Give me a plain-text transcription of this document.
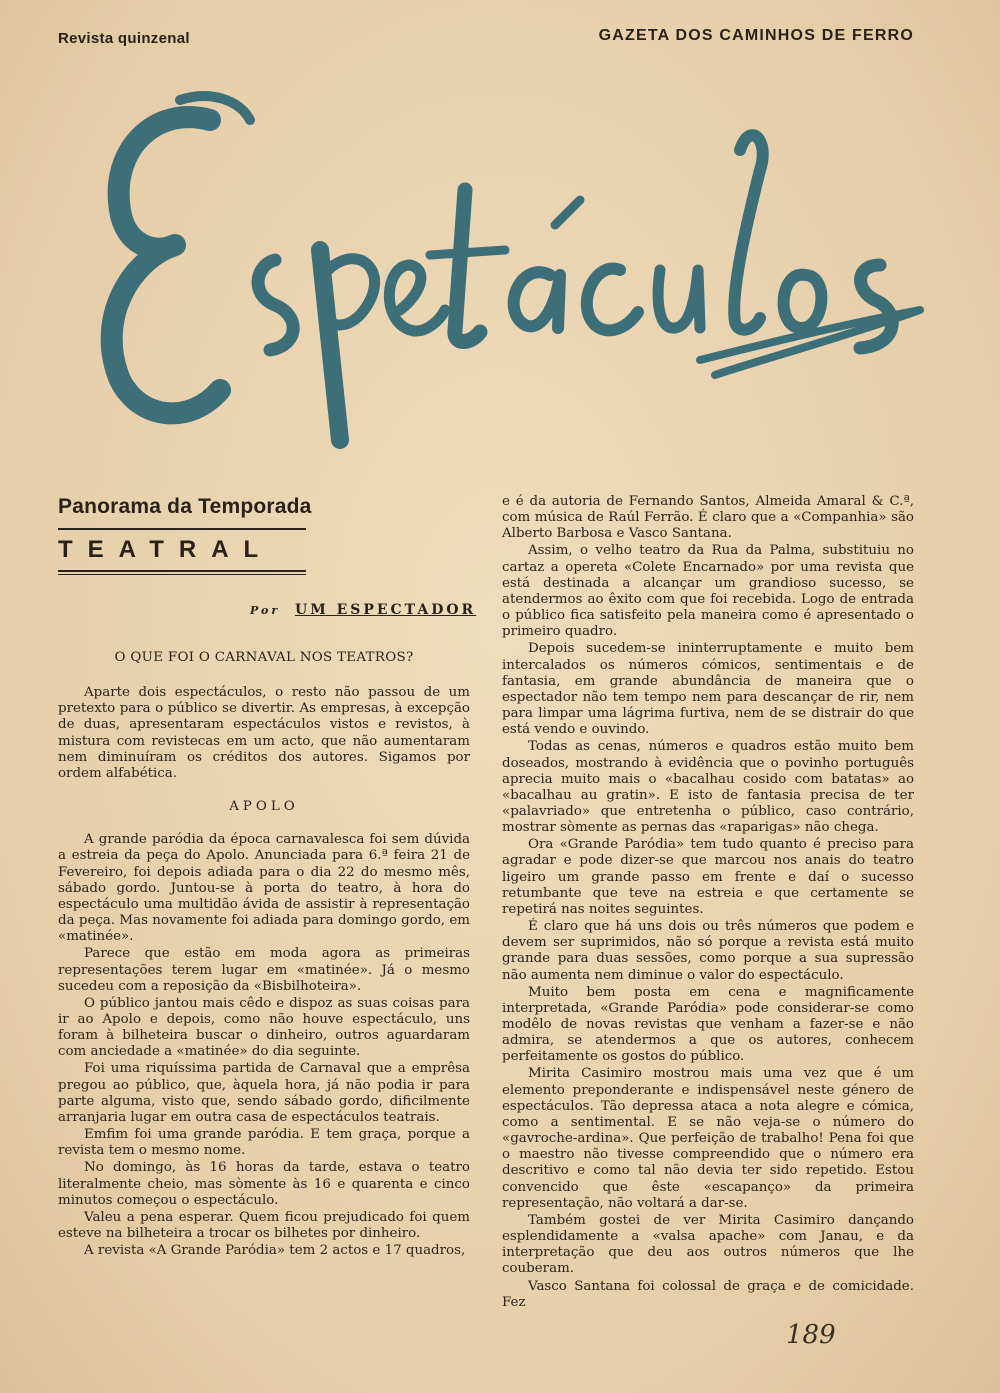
Revista quinzenal	GAZETA DOS CAMINHOS DE FERRO
Panorama da Temporada
TEATRAL
Por UM ESPECTADOR

O QUE FOI O CARNAVAL NOS TEATROS?

Aparte dois espectáculos, o resto não passou de um pretexto para o público se divertir. As empresas, à excepção de duas, apresentaram espectáculos vistos e revistos, à mistura com revistecas em um acto, que não aumentaram nem diminuíram os créditos dos autores. Sigamos por ordem alfabética.

APOLO

A grande paródia da época carnavalesca foi sem dúvida a estreia da peça do Apolo. Anunciada para 6.ª feira 21 de Fevereiro, foi depois adiada para o dia 22 do mesmo mês, sábado gordo. Juntou-se à porta do teatro, à hora do espectáculo uma multidão ávida de assistir à representação da peça. Mas novamente foi adiada para domingo gordo, em «matinée».

Parece que estão em moda agora as primeiras representações terem lugar em «matinée». Já o mesmo sucedeu com a reposição da «Bisbilhoteira».

O público jantou mais cêdo e dispoz as suas coisas para ir ao Apolo e depois, como não houve espectáculo, uns foram à bilheteira buscar o dinheiro, outros aguardaram com anciedade a «matinée» do dia seguinte.

Foi uma riquíssima partida de Carnaval que a emprêsa pregou ao público, que, àquela hora, já não podia ir para parte alguma, visto que, sendo sábado gordo, dificilmente arranjaria lugar em outra casa de espectáculos teatrais.

Emfim foi uma grande paródia. E tem graça, porque a revista tem o mesmo nome.

No domingo, às 16 horas da tarde, estava o teatro literalmente cheio, mas sòmente às 16 e quarenta e cinco minutos começou o espectáculo.

Valeu a pena esperar. Quem ficou prejudicado foi quem esteve na bilheteira a trocar os bilhetes por dinheiro.

A revista «A Grande Paródia» tem 2 actos e 17 quadros,

e é da autoria de Fernando Santos, Almeida Amaral & C.ª, com música de Raúl Ferrão. É claro que a «Companhia» são Alberto Barbosa e Vasco Santana.

Assim, o velho teatro da Rua da Palma, substituiu no cartaz a opereta «Colete Encarnado» por uma revista que está destinada a alcançar um grandioso sucesso, se atendermos ao êxito com que foi recebida. Logo de entrada o público fica satisfeito pela maneira como é apresentado o primeiro quadro.

Depois sucedem-se ininterruptamente e muito bem intercalados os números cómicos, sentimentais e de fantasia, em grande abundância de maneira que o espectador não tem tempo nem para descançar de rir, nem para limpar uma lágrima furtiva, nem de se distrair do que está vendo e ouvindo.

Todas as cenas, números e quadros estão muito bem doseados, mostrando à evidência que o povinho português aprecia muito mais o «bacalhau cosido com batatas» ao «bacalhau au gratin». E isto de fantasia precisa de ter «palavriado» que entretenha o público, caso contrário, mostrar sòmente as pernas das «raparigas» não chega.

Ora «Grande Paródia» tem tudo quanto é preciso para agradar e pode dizer-se que marcou nos anais do teatro ligeiro um grande passo em frente e daí o sucesso retumbante que teve na estreia e que certamente se repetirá nas noites seguintes.

É claro que há uns dois ou três números que podem e devem ser suprimidos, não só porque a revista está muito grande para duas sessões, como porque a sua supressão não aumenta nem diminue o valor do espectáculo.

Muito bem posta em cena e magnificamente interpretada, «Grande Paródia» pode considerar-se como modêlo de novas revistas que venham a fazer-se e não admira, se atendermos a que os autores, conhecem perfeitamente os gostos do público.

Mirita Casimiro mostrou mais uma vez que é um elemento preponderante e indispensável neste género de espectáculos. Tão depressa ataca a nota alegre e cómica, como a sentimental. E se não veja-se o número do «gavroche-ardina». Que perfeição de trabalho! Pena foi que o maestro não tivesse compreendido que o número era descritivo e como tal não devia ter sido repetido. Estou convencido que êste «escapanço» da primeira representação, não voltará a dar-se.

Também gostei de ver Mirita Casimiro dançando esplendidamente a «valsa apache» com Janau, e da interpretação que deu aos outros números que lhe couberam.

Vasco Santana foi colossal de graça e de comicidade. Fez

189
